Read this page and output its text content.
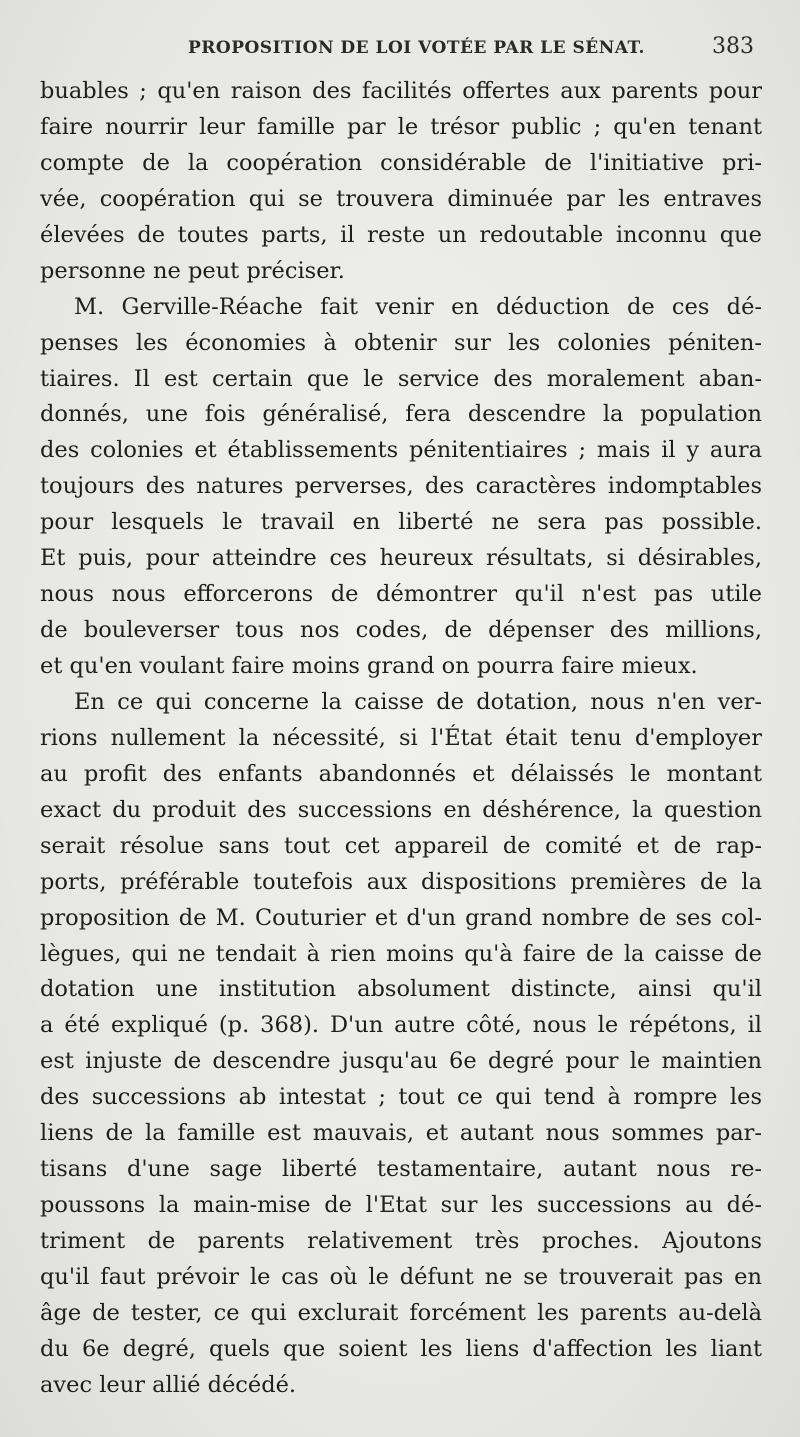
PROPOSITION DE LOI VOTÉE PAR LE SÉNAT.	383
buables ; qu'en raison des facilités offertes aux parents pour
faire nourrir leur famille par le trésor public ; qu'en tenant
compte de la coopération considérable de l'initiative pri-
vée, coopération qui se trouvera diminuée par les entraves
élevées de toutes parts, il reste un redoutable inconnu que
personne ne peut préciser.
M. Gerville-Réache fait venir en déduction de ces dé-
penses les économies à obtenir sur les colonies péniten-
tiaires. Il est certain que le service des moralement aban-
donnés, une fois généralisé, fera descendre la population
des colonies et établissements pénitentiaires ; mais il y aura
toujours des natures perverses, des caractères indomptables
pour lesquels le travail en liberté ne sera pas possible.
Et puis, pour atteindre ces heureux résultats, si désirables,
nous nous efforcerons de démontrer qu'il n'est pas utile
de bouleverser tous nos codes, de dépenser des millions,
et qu'en voulant faire moins grand on pourra faire mieux.
En ce qui concerne la caisse de dotation, nous n'en ver-
rions nullement la nécessité, si l'État était tenu d'employer
au profit des enfants abandonnés et délaissés le montant
exact du produit des successions en déshérence, la question
serait résolue sans tout cet appareil de comité et de rap-
ports, préférable toutefois aux dispositions premières de la
proposition de M. Couturier et d'un grand nombre de ses col-
lègues, qui ne tendait à rien moins qu'à faire de la caisse de
dotation une institution absolument distincte, ainsi qu'il
a été expliqué (p. 368). D'un autre côté, nous le répétons, il
est injuste de descendre jusqu'au 6e degré pour le maintien
des successions ab intestat ; tout ce qui tend à rompre les
liens de la famille est mauvais, et autant nous sommes par-
tisans d'une sage liberté testamentaire, autant nous re-
poussons la main-mise de l'Etat sur les successions au dé-
triment de parents relativement très proches. Ajoutons
qu'il faut prévoir le cas où le défunt ne se trouverait pas en
âge de tester, ce qui exclurait forcément les parents au-delà
du 6e degré, quels que soient les liens d'affection les liant
avec leur allié décédé.
